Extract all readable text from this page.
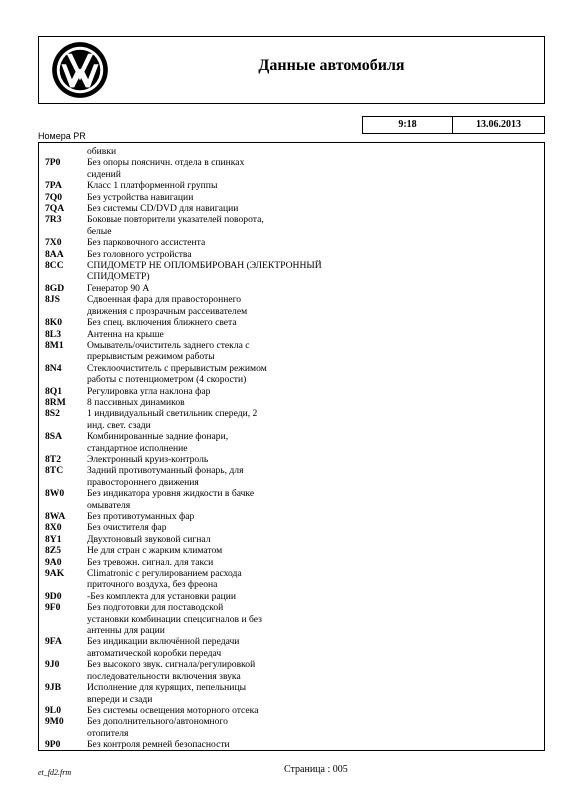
Данные автомобиля
9:18	13.06.2013
Номера PR
обивки
7P0	Без опоры поясничн. отдела в спинках
сидений
7PA	Класс 1 платформенной группы
7Q0	Без устройства навигации
7QA	Без системы CD/DVD для навигации
7R3	Боковые повторители указателей поворота,
белые
7X0	Без парковочного ассистента
8AA	Без головного устройства
8CC	СПИДОМЕТР НЕ ОПЛОМБИРОВАН (ЭЛЕКТРОННЫЙ
СПИДОМЕТР)
8GD	Генератор 90 А
8JS	Сдвоенная фара для правостороннего
движения с прозрачным рассеивателем
8K0	Без спец. включения ближнего света
8L3	Антенна на крыше
8M1	Омыватель/очиститель заднего стекла с
прерывистым режимом работы
8N4	Стеклоочиститель с прерывистым режимом
работы с потенциометром (4 скорости)
8Q1	Регулировка угла наклона фар
8RM	8 пассивных динамиков
8S2	1 индивидуальный светильник спереди, 2
инд. свет. сзади
8SA	Комбинированные задние фонари,
стандартное исполнение
8T2	Электронный круиз-контроль
8TC	Задний противотуманный фонарь, для
правостороннего движения
8W0	Без индикатора уровня жидкости в бачке
омывателя
8WA	Без противотуманных фар
8X0	Без очистителя фар
8Y1	Двухтоновый звуковой сигнал
8Z5	Не для стран с жарким климатом
9A0	Без тревожн. сигнал. для такси
9AK	Climatronic с регулированием расхода
приточного воздуха, без фреона
9D0	-Без комплекта для установки рации
9F0	Без подготовки для поставодской
установки комбинации спецсигналов и без
антенны для рации
9FA	Без индикации включённой передачи
автоматической коробки передач
9J0	Без высокого звук. сигнала/регулировкой
последовательности включения звука
9JB	Исполнение для курящих, пепельницы
впереди и сзади
9L0	Без системы освещения моторного отсека
9M0	Без дополнительного/автономного
отопителя
9P0	Без контроля ремней безопасности
et_fd2.frm	Страница : 005
